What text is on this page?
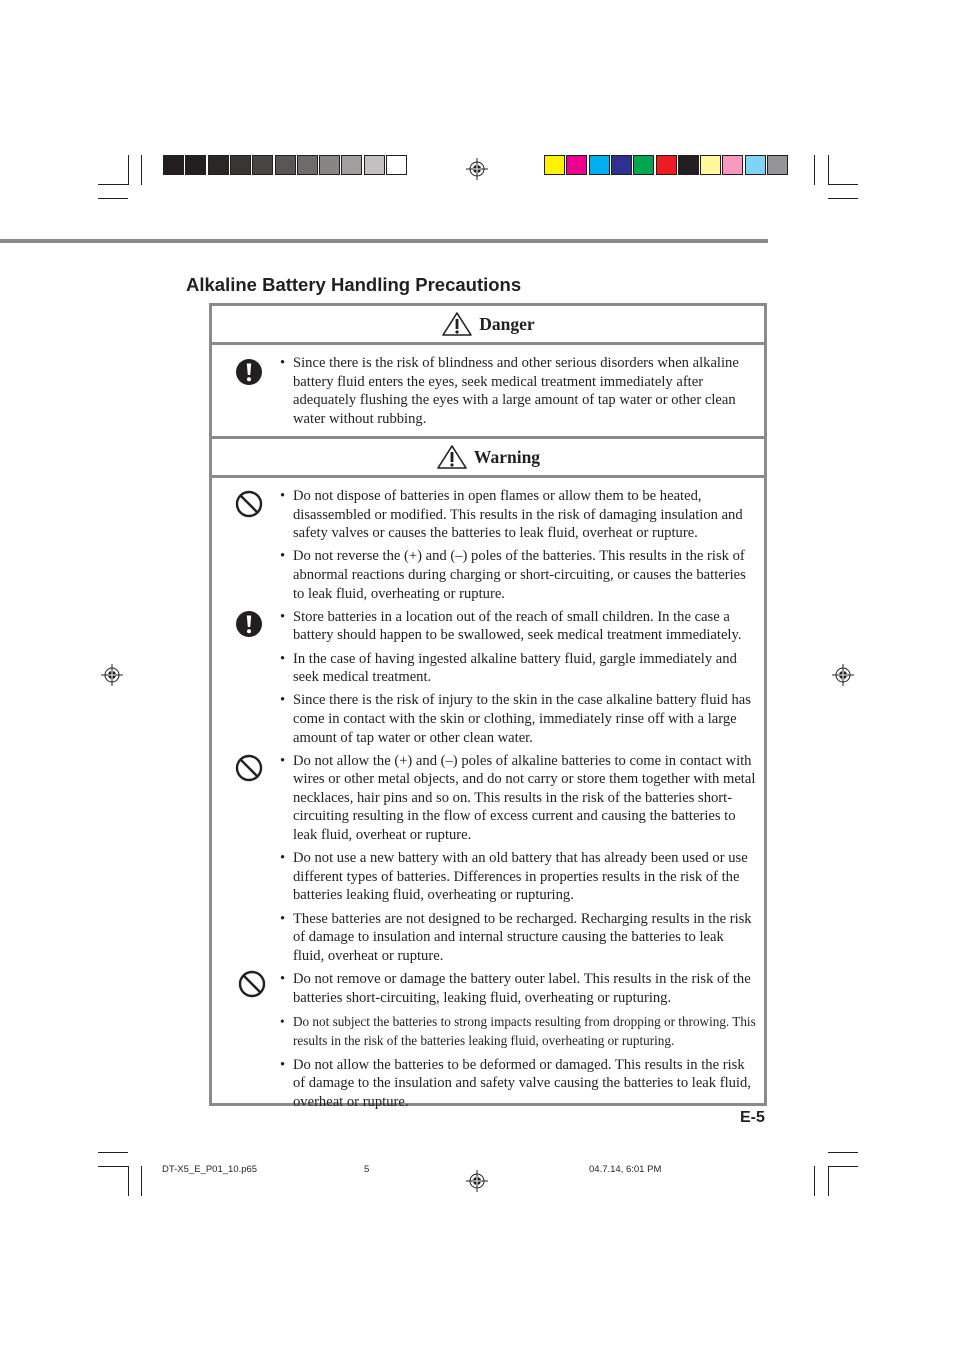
Alkaline Battery Handling Precautions
Danger
• Since there is the risk of blindness and other serious disorders when alkaline battery fluid enters the eyes, seek medical treatment immediately after adequately flushing the eyes with a large amount of tap water or other clean water without rubbing.
Warning
• Do not dispose of batteries in open flames or allow them to be heated, disassembled or modified. This results in the risk of damaging insulation and safety valves or causes the batteries to leak fluid, overheat or rupture.
• Do not reverse the (+) and (–) poles of the batteries. This results in the risk of abnormal reactions during charging or short-circuiting, or causes the batteries to leak fluid, overheating or rupture.
• Store batteries in a location out of the reach of small children. In the case a battery should happen to be swallowed, seek medical treatment immediately.
• In the case of having ingested alkaline battery fluid, gargle immediately and seek medical treatment.
• Since there is the risk of injury to the skin in the case alkaline battery fluid has come in contact with the skin or clothing, immediately rinse off with a large amount of tap water or other clean water.
• Do not allow the (+) and (–) poles of alkaline batteries to come in contact with wires or other metal objects, and do not carry or store them together with metal necklaces, hair pins and so on. This results in the risk of the batteries short-circuiting resulting in the flow of excess current and causing the batteries to leak fluid, overheat or rupture.
• Do not use a new battery with an old battery that has already been used or use different types of batteries. Differences in properties results in the risk of the batteries leaking fluid, overheating or rupturing.
• These batteries are not designed to be recharged. Recharging results in the risk of damage to insulation and internal structure causing the batteries to leak fluid, overheat or rupture.
• Do not remove or damage the battery outer label. This results in the risk of the batteries short-circuiting, leaking fluid, overheating or rupturing.
• Do not subject the batteries to strong impacts resulting from dropping or throwing. This results in the risk of the batteries leaking fluid, overheating or rupturing.
• Do not allow the batteries to be deformed or damaged. This results in the risk of damage to the insulation and safety valve causing the batteries to leak fluid, overheat or rupture.
E-5
DT-X5_E_P01_10.p65	5	04.7.14, 6:01 PM
